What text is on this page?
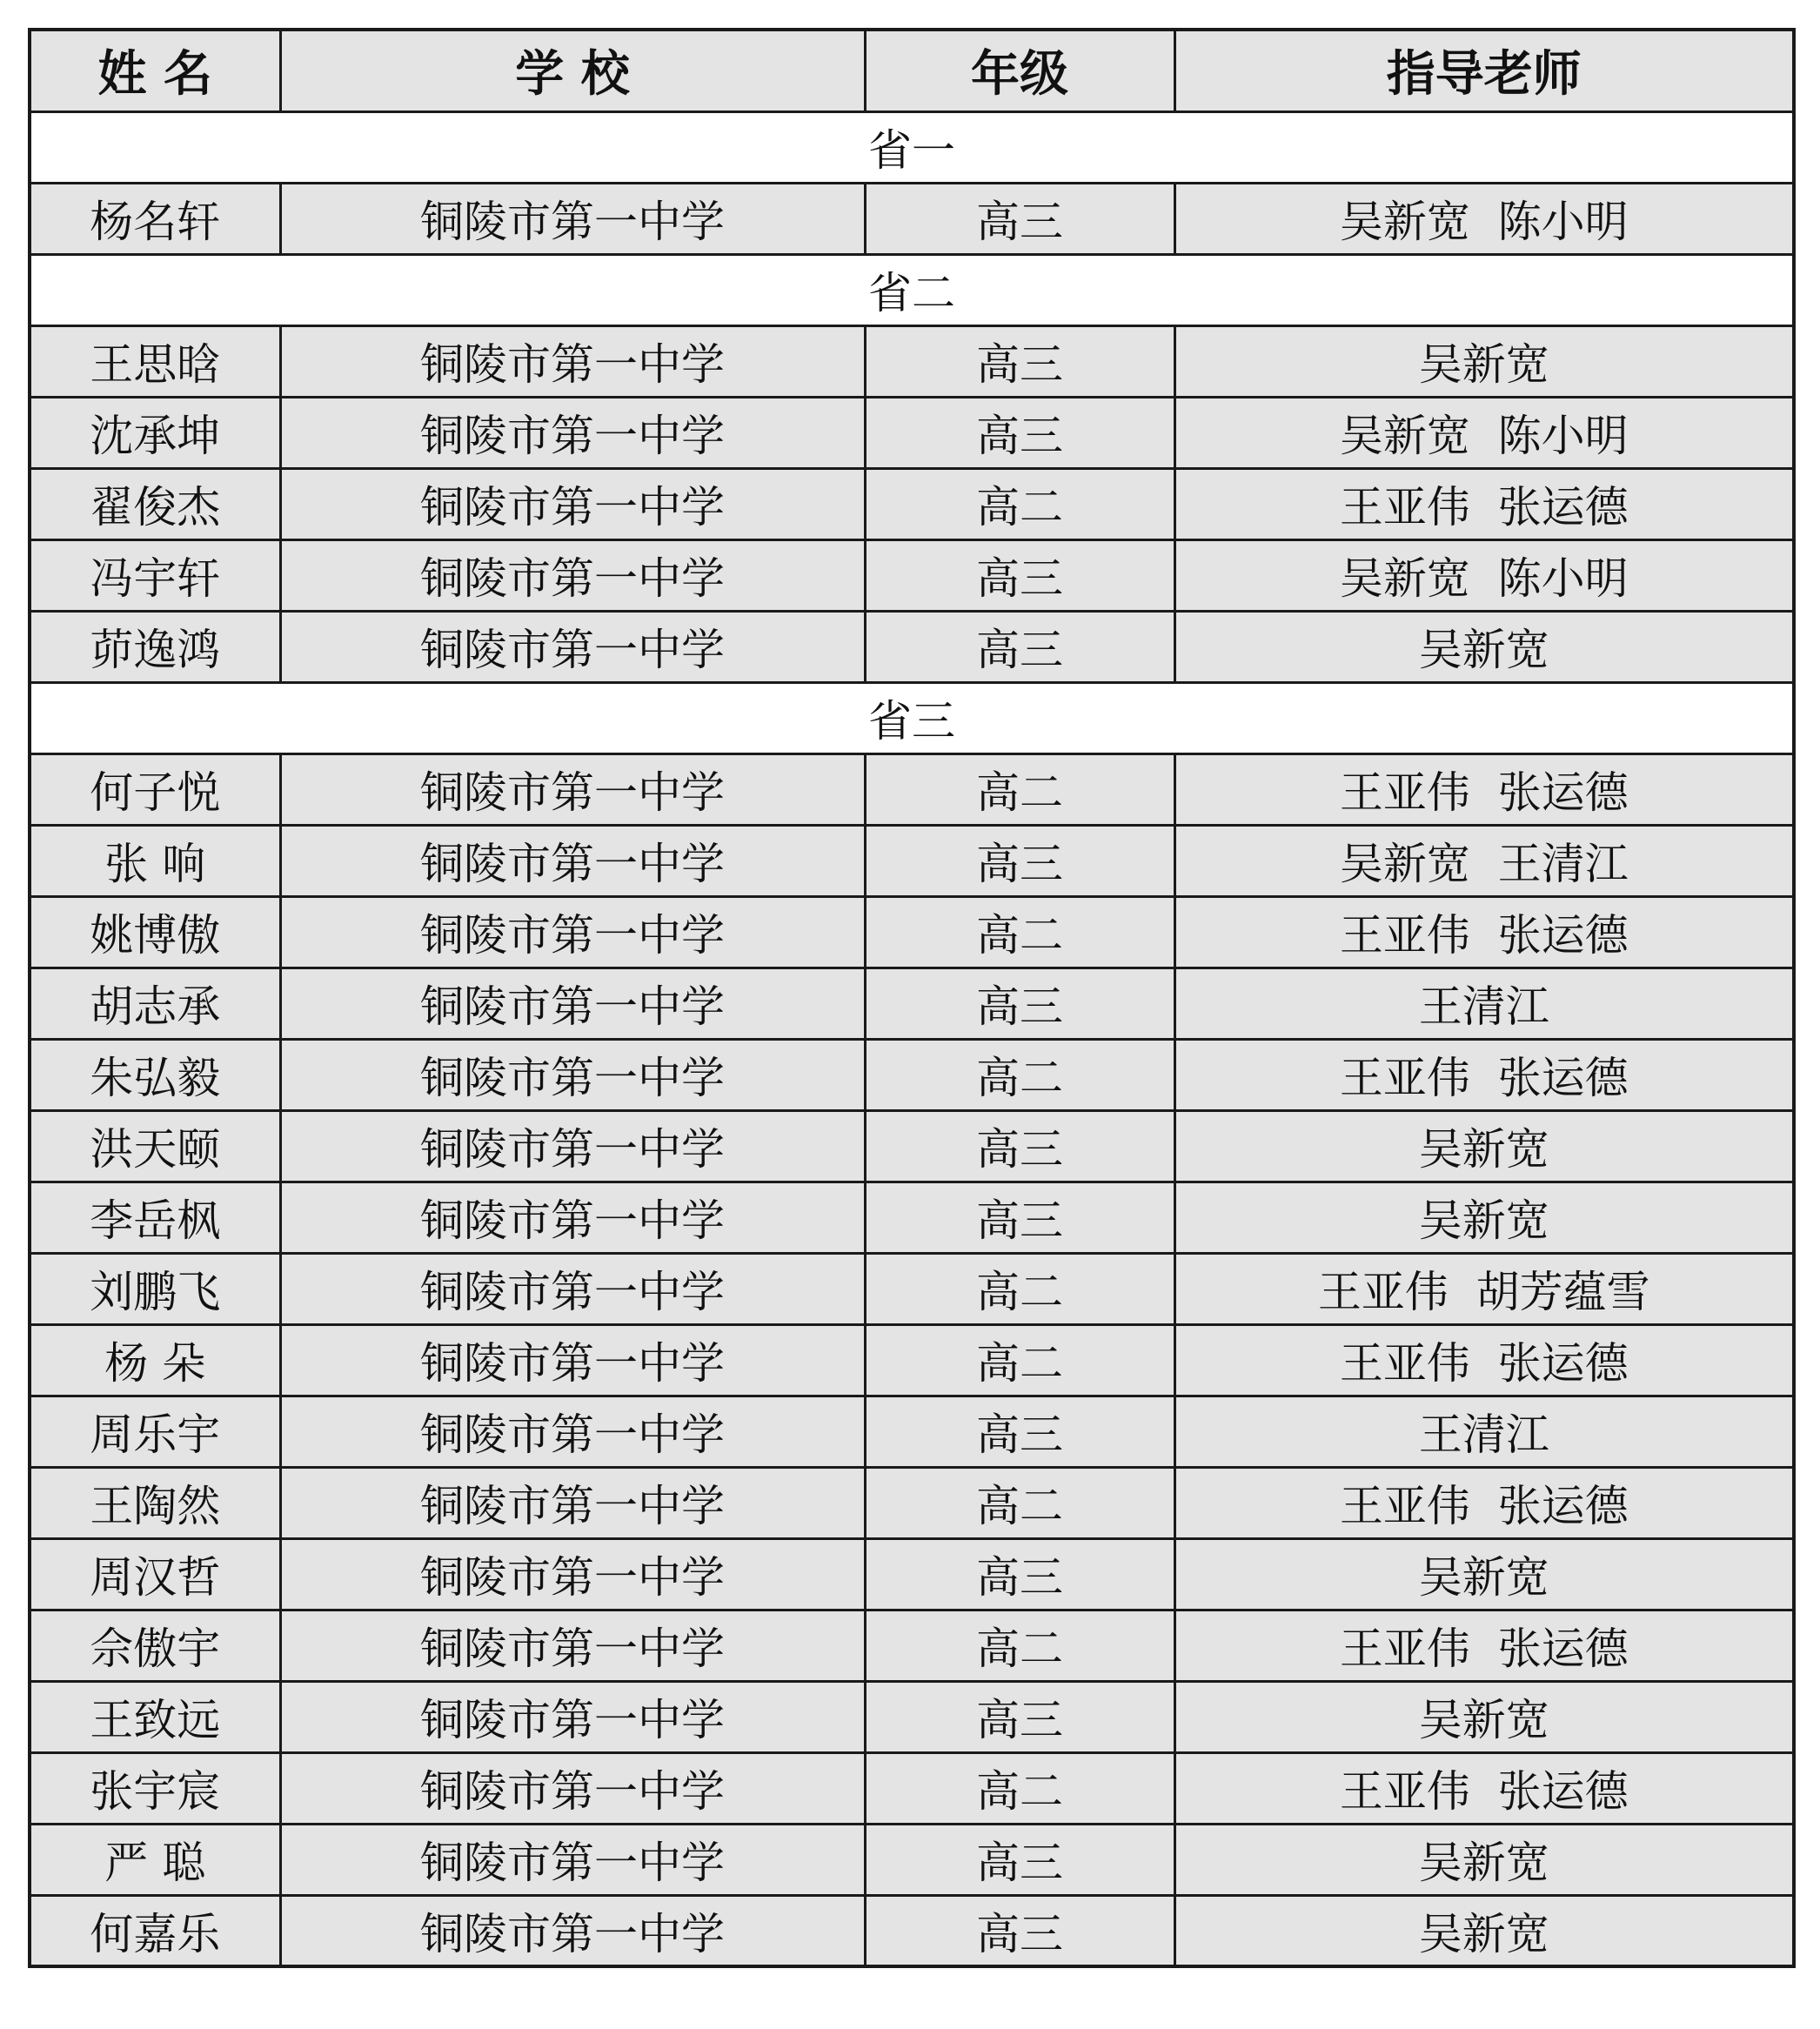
姓 名	学 校	年级	指导老师
省一			
杨名轩	铜陵市第一中学	高三	吴新宽  陈小明
省二			
王思晗	铜陵市第一中学	高三	吴新宽
沈承坤	铜陵市第一中学	高三	吴新宽  陈小明
翟俊杰	铜陵市第一中学	高二	王亚伟  张运德
冯宇轩	铜陵市第一中学	高三	吴新宽  陈小明
茆逸鸿	铜陵市第一中学	高三	吴新宽
省三			
何子悦	铜陵市第一中学	高二	王亚伟  张运德
张 响	铜陵市第一中学	高三	吴新宽  王清江
姚博傲	铜陵市第一中学	高二	王亚伟  张运德
胡志承	铜陵市第一中学	高三	王清江
朱弘毅	铜陵市第一中学	高二	王亚伟  张运德
洪天颐	铜陵市第一中学	高三	吴新宽
李岳枫	铜陵市第一中学	高三	吴新宽
刘鹏飞	铜陵市第一中学	高二	王亚伟  胡芳蕴雪
杨 朵	铜陵市第一中学	高二	王亚伟  张运德
周乐宇	铜陵市第一中学	高三	王清江
王陶然	铜陵市第一中学	高二	王亚伟  张运德
周汉哲	铜陵市第一中学	高三	吴新宽
佘傲宇	铜陵市第一中学	高二	王亚伟  张运德
王致远	铜陵市第一中学	高三	吴新宽
张宇宸	铜陵市第一中学	高二	王亚伟  张运德
严 聪	铜陵市第一中学	高三	吴新宽
何嘉乐	铜陵市第一中学	高三	吴新宽
